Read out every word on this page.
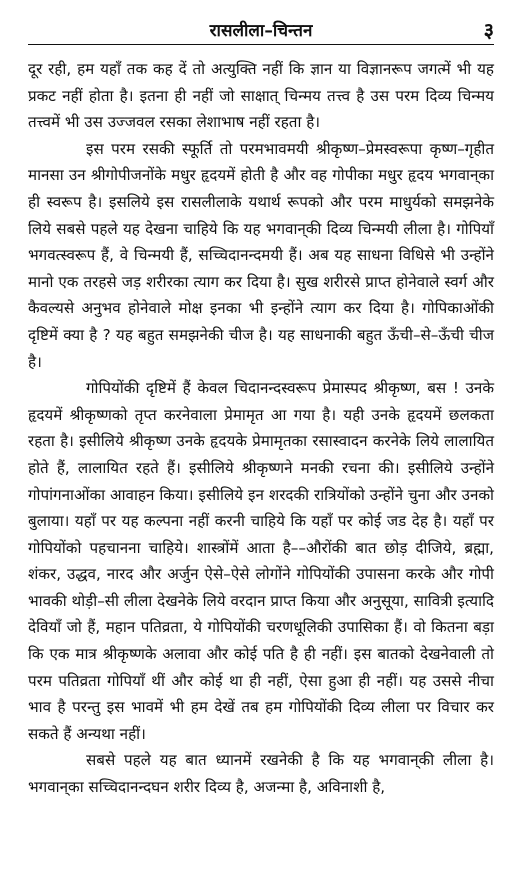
रासलीला–चिन्तन	३

दूर रही, हम यहाँ तक कह दें तो अत्युक्ति नहीं कि ज्ञान या विज्ञानरूप जगत्में भी यह प्रकट नहीं होता है। इतना ही नहीं जो साक्षात् चिन्मय तत्त्व है उस परम दिव्य चिन्मय तत्त्वमें भी उस उज्जवल रसका लेशाभाष नहीं रहता है।

इस परम रसकी स्फूर्ति तो परमभावमयी श्रीकृष्ण–प्रेमस्वरूपा कृष्ण–गृहीत मानसा उन श्रीगोपीजनोंके मधुर हृदयमें होती है और वह गोपीका मधुर हृदय भगवान्‌का ही स्वरूप है। इसलिये इस रासलीलाके यथार्थ रूपको और परम माधुर्यको समझनेके लिये सबसे पहले यह देखना चाहिये कि यह भगवान्‌की दिव्य चिन्मयी लीला है। गोपियाँ भगवत्स्वरूप हैं, वे चिन्मयी हैं, सच्चिदानन्दमयी हैं। अब यह साधना विधिसे भी उन्होंने मानो एक तरहसे जड़ शरीरका त्याग कर दिया है। सुख शरीरसे प्राप्त होनेवाले स्वर्ग और कैवल्यसे अनुभव होनेवाले मोक्ष इनका भी इन्होंने त्याग कर दिया है। गोपिकाओंकी दृष्टिमें क्या है ? यह बहुत समझनेकी चीज है। यह साधनाकी बहुत ऊँची–से–ऊँची चीज है।

गोपियोंकी दृष्टिमें हैं केवल चिदानन्दस्वरूप प्रेमास्पद श्रीकृष्ण, बस ! उनके हृदयमें श्रीकृष्णको तृप्त करनेवाला प्रेमामृत आ गया है। यही उनके हृदयमें छलकता रहता है। इसीलिये श्रीकृष्ण उनके हृदयके प्रेमामृतका रसास्वादन करनेके लिये लालायित होते हैं, लालायित रहते हैं। इसीलिये श्रीकृष्णने मनकी रचना की। इसीलिये उन्होंने गोपांगनाओंका आवाहन किया। इसीलिये इन शरदकी रात्रियोंको उन्होंने चुना और उनको बुलाया। यहाँ पर यह कल्पना नहीं करनी चाहिये कि यहाँ पर कोई जड देह है। यहाँ पर गोपियोंको पहचानना चाहिये। शास्त्रोंमें आता है––औरोंकी बात छोड़ दीजिये, ब्रह्मा, शंकर, उद्धव, नारद और अर्जुन ऐसे–ऐसे लोगोंने गोपियोंकी उपासना करके और गोपी भावकी थोड़ी–सी लीला देखनेके लिये वरदान प्राप्त किया और अनुसूया, सावित्री इत्यादि देवियाँ जो हैं, महान पतिव्रता, ये गोपियोंकी चरणधूलिकी उपासिका हैं। वो कितना बड़ा कि एक मात्र श्रीकृष्णके अलावा और कोई पति है ही नहीं। इस बातको देखनेवाली तो परम पतिव्रता गोपियाँ थीं और कोई था ही नहीं, ऐसा हुआ ही नहीं। यह उससे नीचा भाव है परन्तु इस भावमें भी हम देखें तब हम गोपियोंकी दिव्य लीला पर विचार कर सकते हैं अन्यथा नहीं।

सबसे पहले यह बात ध्यानमें रखनेकी है कि यह भगवान्‌की लीला है। भगवान्‌का सच्चिदानन्दघन शरीर दिव्य है, अजन्मा है, अविनाशी है,
